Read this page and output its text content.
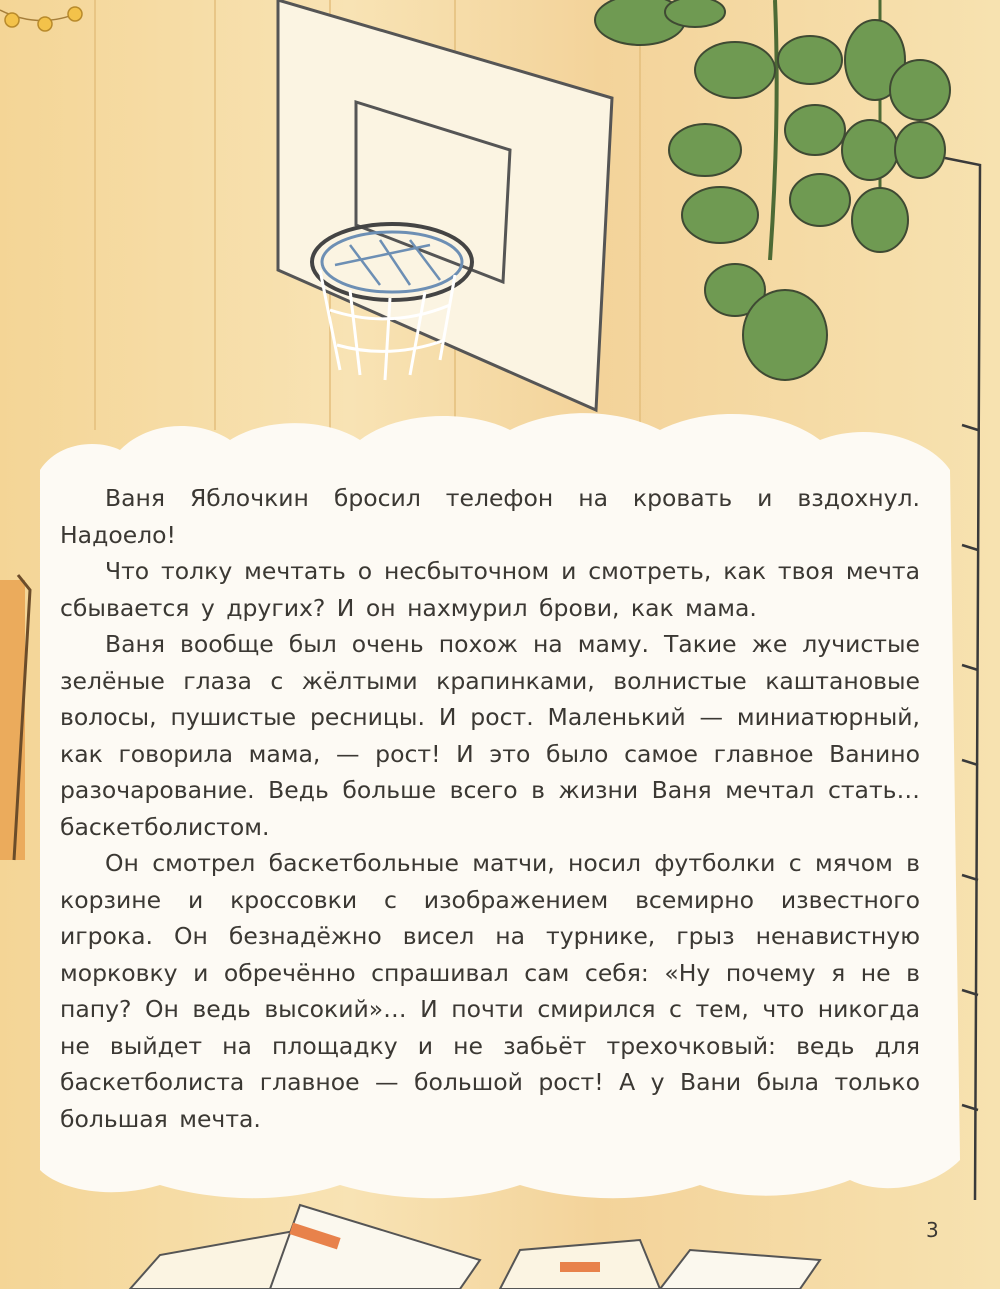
Ваня Яблочкин бросил телефон на кровать и вздохнул. Надоело!

Что толку мечтать о несбыточном и смотреть, как твоя мечта сбывается у других? И он нахмурил брови, как мама.

Ваня вообще был очень похож на маму. Такие же лучистые зелёные глаза с жёлтыми крапинками, волнистые каштановые волосы, пушистые ресницы. И рост. Маленький — миниатюрный, как говорила мама, — рост! И это было самое главное Ванино разочарование. Ведь больше всего в жизни Ваня мечтал стать… баскетболистом.

Он смотрел баскетбольные матчи, носил футболки с мячом в корзине и кроссовки с изображением всемирно известного игрока. Он безнадёжно висел на турнике, грыз ненавистную морковку и обречённо спрашивал сам себя: «Ну почему я не в папу? Он ведь высокий»… И почти смирился с тем, что никогда не выйдет на площадку и не забьёт трехочковый: ведь для баскетболиста главное — большой рост! А у Вани была только большая мечта.

3
